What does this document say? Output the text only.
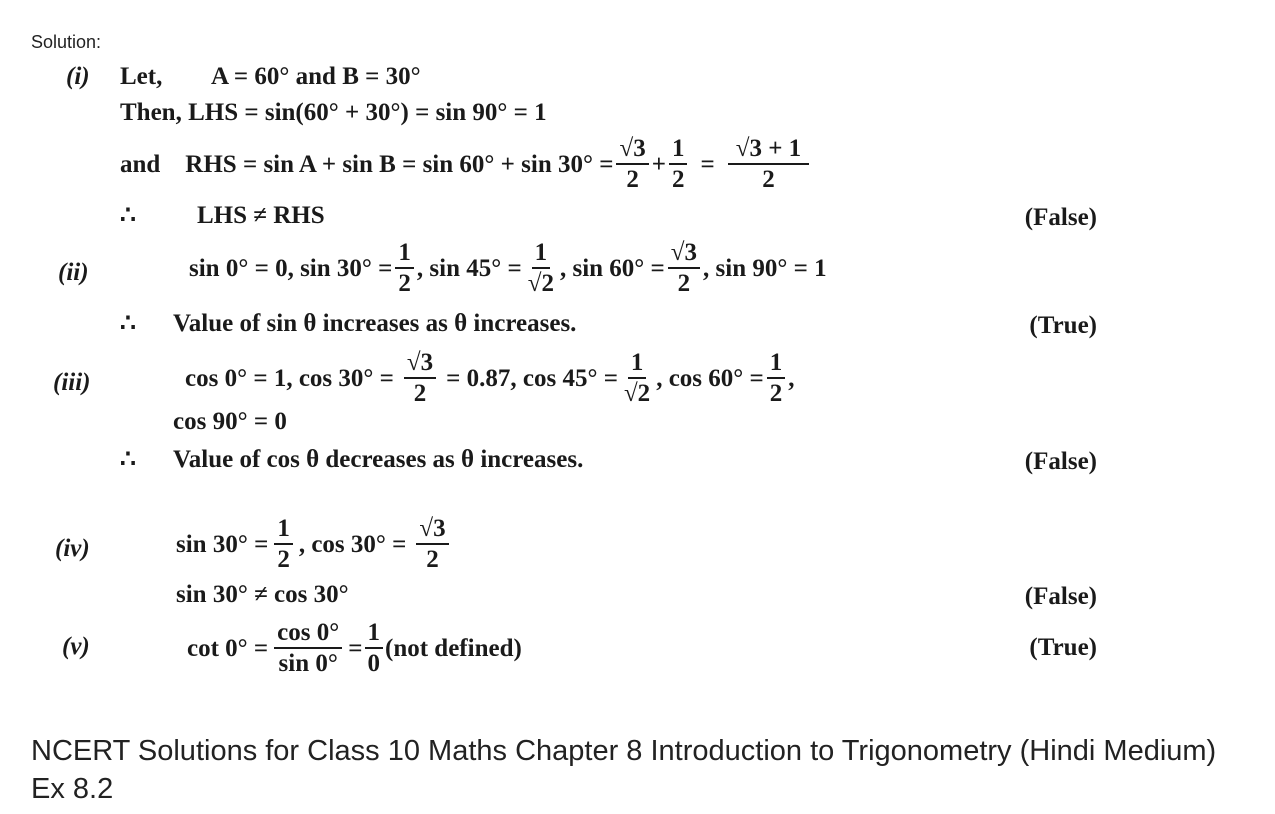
Solution:
(i) Let,        A = 60° and B = 30°
Then, LHS = sin(60° + 30°) = sin 90° = 1
and    RHS = $\sin A + \sin B = \sin 60^\circ + \sin 30^\circ = \frac{√3}{2} + \frac{1}{2} = \frac{√3 + 1}{2}$
∴ LHS ≠ RHS	(False)
(ii)	sin 0° = 0, $\sin 30^\circ = \frac{1}{2}$ , $\sin 45^\circ = \frac{1}{√2}$ , $\sin 60^\circ = \frac{√3}{2}$ , sin 90° = 1
∴ Value of sin θ increases as θ increases.	(True)
(iii)	cos 0° = 1, $\cos 30^\circ = \frac{√3}{2} = 0.87$, $\cos 45^\circ = \frac{1}{√2}$ , $\cos 60^\circ = \frac{1}{2}$ ,
cos 90° = 0
∴ Value of cos θ decreases as θ increases.	(False)
(iv)	$\sin 30^\circ = \frac{1}{2}$ , $\cos 30^\circ = \frac{√3}{2}$
sin 30° ≠ cos 30°	(False)
(v)	$\cot 0^\circ = \frac{\cos 0^\circ}{\sin 0^\circ} = \frac{1}{0} (not$ defined)	(True)
NCERT Solutions for Class 10 Maths Chapter 8 Introduction to Trigonometry (Hindi Medium) Ex 8.2
